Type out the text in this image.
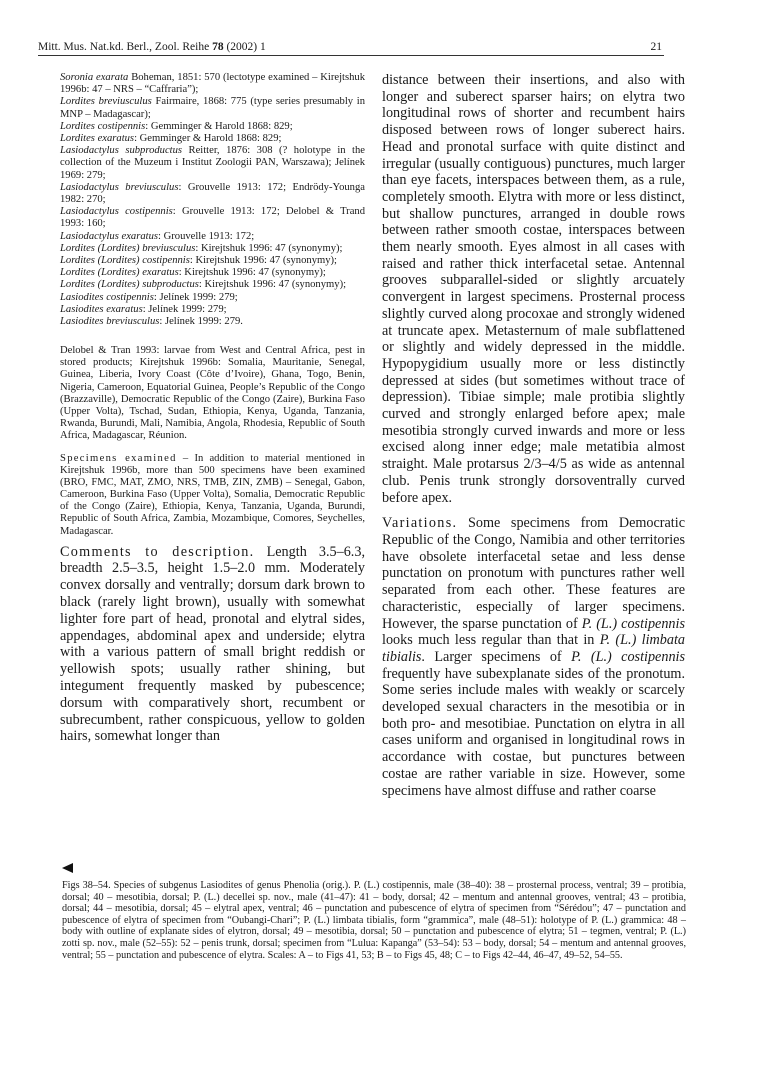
Mitt. Mus. Nat.kd. Berl., Zool. Reihe 78 (2002) 1	21

Soronia exarata Boheman, 1851: 570 (lectotype examined – Kirejtshuk 1996b: 47 – NRS – “Caffraria”);

Lordites breviusculus Fairmaire, 1868: 775 (type series presumably in MNP – Madagascar);

Lordites costipennis: Gemminger & Harold 1868: 829;

Lordites exaratus: Gemminger & Harold 1868: 829;

Lasiodactylus subproductus Reitter, 1876: 308 (? holotype in the collection of the Muzeum i Institut Zoologii PAN, Warszawa); Jelínek 1969: 279;

Lasiodactylus breviusculus: Grouvelle 1913: 172; Endrödy-Younga 1982: 270;

Lasiodactylus costipennis: Grouvelle 1913: 172; Delobel & Trand 1993: 160;

Lasiodactylus exaratus: Grouvelle 1913: 172;

Lordites (Lordites) breviusculus: Kirejtshuk 1996: 47 (synonymy);

Lordites (Lordites) costipennis: Kirejtshuk 1996: 47 (synonymy);

Lordites (Lordites) exaratus: Kirejtshuk 1996: 47 (synonymy);

Lordites (Lordites) subproductus: Kirejtshuk 1996: 47 (synonymy);

Lasiodites costipennis: Jelínek 1999: 279;

Lasiodites exaratus: Jelínek 1999: 279;

Lasiodites breviusculus: Jelínek 1999: 279.

Delobel & Tran 1993: larvae from West and Central Africa, pest in stored products; Kirejtshuk 1996b: Somalia, Mauritanie, Senegal, Guinea, Liberia, Ivory Coast (Côte d’Ivoire), Ghana, Togo, Benin, Nigeria, Cameroon, Equatorial Guinea, People’s Republic of the Congo (Brazzaville), Democratic Republic of the Congo (Zaire), Burkina Faso (Upper Volta), Tschad, Sudan, Ethiopia, Kenya, Uganda, Tanzania, Rwanda, Burundi, Mali, Namibia, Angola, Rhodesia, Republic of South Africa, Madagascar, Réunion.
Specimens examined – In addition to material mentioned in Kirejtshuk 1996b, more than 500 specimens have been examined (BRO, FMC, MAT, ZMO, NRS, TMB, ZIN, ZMB) – Senegal, Gabon, Cameroon, Burkina Faso (Upper Volta), Somalia, Democratic Republic of the Congo (Zaire), Ethiopia, Kenya, Tanzania, Uganda, Burundi, Republic of South Africa, Zambia, Mozambique, Comores, Seychelles, Madagascar.
Comments to description. Length 3.5–6.3, breadth 2.5–3.5, height 1.5–2.0 mm. Moderately convex dorsally and ventrally; dorsum dark brown to black (rarely light brown), usually with somewhat lighter fore part of head, pronotal and elytral sides, appendages, abdominal apex and underside; elytra with a various pattern of small bright reddish or yellowish spots; usually rather shining, but integument frequently masked by pubescence; dorsum with comparatively short, recumbent or subrecumbent, rather conspicuous, yellow to golden hairs, somewhat longer than

distance between their insertions, and also with longer and suberect sparser hairs; on elytra two longitudinal rows of shorter and recumbent hairs disposed between rows of longer suberect hairs. Head and pronotal surface with quite distinct and irregular (usually contiguous) punctures, much larger than eye facets, interspaces between them, as a rule, completely smooth. Elytra with more or less distinct, but shallow punctures, arranged in double rows between rather smooth costae, interspaces between them nearly smooth. Eyes almost in all cases with raised and rather thick interfacetal setae. Antennal grooves subparallel-sided or slightly arcuately convergent in largest specimens. Prosternal process slightly curved along procoxae and strongly widened at truncate apex. Metasternum of male subflattened or slightly and widely depressed in the middle. Hypopygidium usually more or less distinctly depressed at sides (but sometimes without trace of depression). Tibiae simple; male protibia slightly curved and strongly enlarged before apex; male mesotibia strongly curved inwards and more or less excised along inner edge; male metatibia almost straight. Male protarsus 2/3–4/5 as wide as antennal club. Penis trunk strongly dorsoventrally curved before apex.

Variations. Some specimens from Democratic Republic of the Congo, Namibia and other territories have obsolete interfacetal setae and less dense punctation on pronotum with punctures rather well separated from each other. These features are characteristic, especially of larger specimens. However, the sparse punctation of P. (L.) costipennis looks much less regular than that in P. (L.) limbata tibialis. Larger specimens of P. (L.) costipennis frequently have subexplanate sides of the pronotum. Some series include males with weakly or scarcely developed sexual characters in the mesotibia or in both pro- and mesotibiae. Punctation on elytra in all cases uniform and organised in longitudinal rows in accordance with costae, but punctures between costae are rather variable in size. However, some specimens have almost diffuse and rather coarse

Figs 38–54. Species of subgenus Lasiodites of genus Phenolia (orig.). P. (L.) costipennis, male (38–40): 38 – prosternal process, ventral; 39 – protibia, dorsal; 40 – mesotibia, dorsal; P. (L.) decellei sp. nov., male (41–47): 41 – body, dorsal; 42 – mentum and antennal grooves, ventral; 43 – protibia, dorsal; 44 – mesotibia, dorsal; 45 – elytral apex, ventral; 46 – punctation and pubescence of elytra of specimen from “Sérédou”; 47 – punctation and pubescence of elytra of specimen from “Oubangi-Chari”; P. (L.) limbata tibialis, form “grammica”, male (48–51): holotype of P. (L.) grammica: 48 – body with outline of explanate sides of elytron, dorsal; 49 – mesotibia, dorsal; 50 – punctation and pubescence of elytra; 51 – tegmen, ventral; P. (L.) zotti sp. nov., male (52–55): 52 – penis trunk, dorsal; specimen from “Lulua: Kapanga” (53–54): 53 – body, dorsal; 54 – mentum and antennal grooves, ventral; 55 – punctation and pubescence of elytra. Scales: A – to Figs 41, 53; B – to Figs 45, 48; C – to Figs 42–44, 46–47, 49–52, 54–55.
